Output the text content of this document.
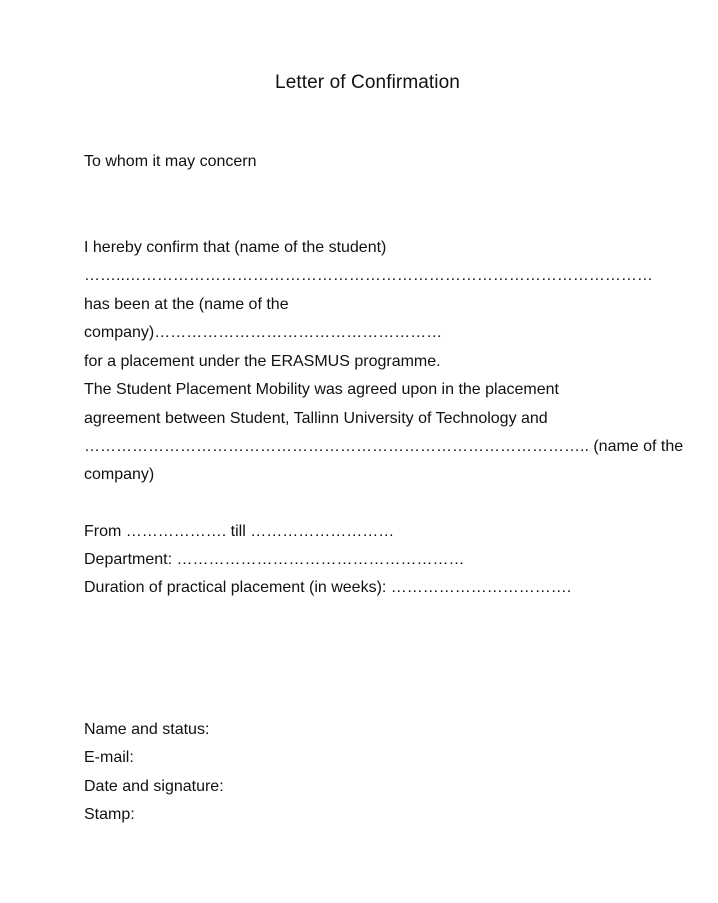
Letter of Confirmation
To whom it may concern
I hereby confirm that (name of the student)
……..………………………………………………………………………………………
has been at the (name of the
company)………………………………………………
for a placement under the ERASMUS programme.
The Student Placement Mobility was agreed upon in the placement
agreement between Student, Tallinn University of Technology and
………………………………………………………………………………….. (name of the
company)
From ………………. till ………………………
Department: ………………………………………………
Duration of practical placement (in weeks): …………………………….
Name and status:
E-mail:
Date and signature:
Stamp:
